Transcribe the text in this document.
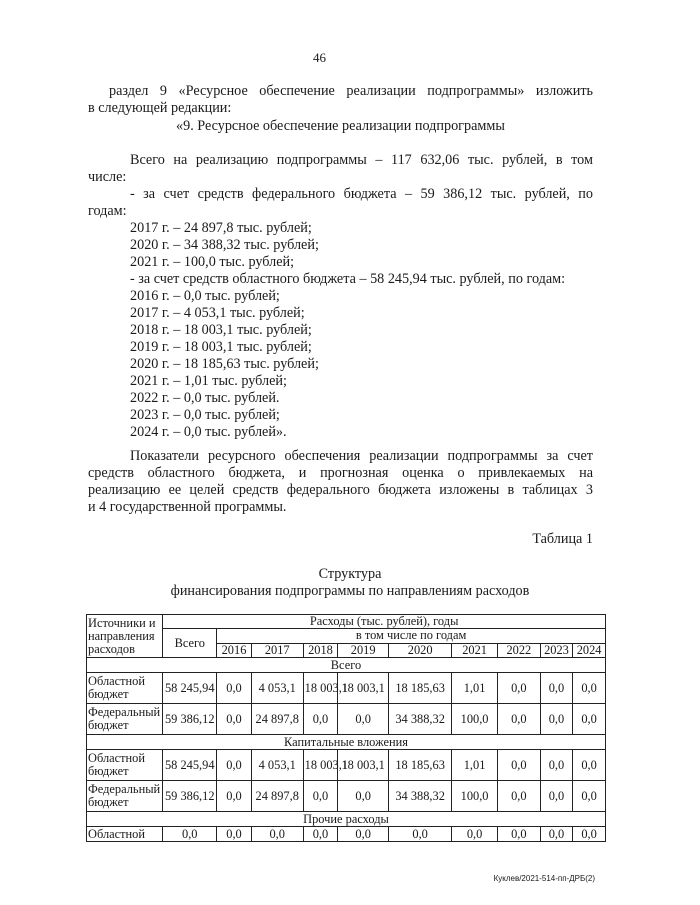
46
раздел 9 «Ресурсное обеспечение реализации подпрограммы» изложить
в следующей редакции:
«9. Ресурсное обеспечение реализации подпрограммы
Всего на реализацию подпрограммы – 117 632,06 тыс. рублей, в том
числе:
- за счет средств федерального бюджета – 59 386,12 тыс. рублей, по
годам:
2017 г. – 24 897,8 тыс. рублей;
2020 г. – 34 388,32 тыс. рублей;
2021 г. – 100,0 тыс. рублей;
- за счет средств областного бюджета – 58 245,94 тыс. рублей, по годам:
2016 г. – 0,0 тыс. рублей;
2017 г. – 4 053,1 тыс. рублей;
2018 г. – 18 003,1 тыс. рублей;
2019 г. – 18 003,1 тыс. рублей;
2020 г. – 18 185,63 тыс. рублей;
2021 г. – 1,01 тыс. рублей;
2022 г. – 0,0 тыс. рублей.
2023 г. – 0,0 тыс. рублей;
2024 г. – 0,0 тыс. рублей».
Показатели ресурсного обеспечения реализации подпрограммы за счет
средств областного бюджета, и прогнозная оценка о привлекаемых на
реализацию ее целей средств федерального бюджета изложены в таблицах 3
и 4 государственной программы.
Таблица 1
Структура
финансирования подпрограммы по направлениям расходов
Источники и направления расходов	Расходы (тыс. рублей), годы									
	Всего	в том числе по годам								
		2016	2017	2018	2019	2020	2021	2022	2023	2024
Всего										
Областной бюджет	58 245,94	0,0	4 053,1	18 003,1	18 003,1	18 185,63	1,01	0,0	0,0	0,0
Федеральный бюджет	59 386,12	0,0	24 897,8	0,0	0,0	34 388,32	100,0	0,0	0,0	0,0
Капитальные вложения										
Областной бюджет	58 245,94	0,0	4 053,1	18 003,1	18 003,1	18 185,63	1,01	0,0	0,0	0,0
Федеральный бюджет	59 386,12	0,0	24 897,8	0,0	0,0	34 388,32	100,0	0,0	0,0	0,0
Прочие расходы										
Областной	0,0	0,0	0,0	0,0	0,0	0,0	0,0	0,0	0,0	0,0
Куклев/2021-514-пп-ДРБ(2)
